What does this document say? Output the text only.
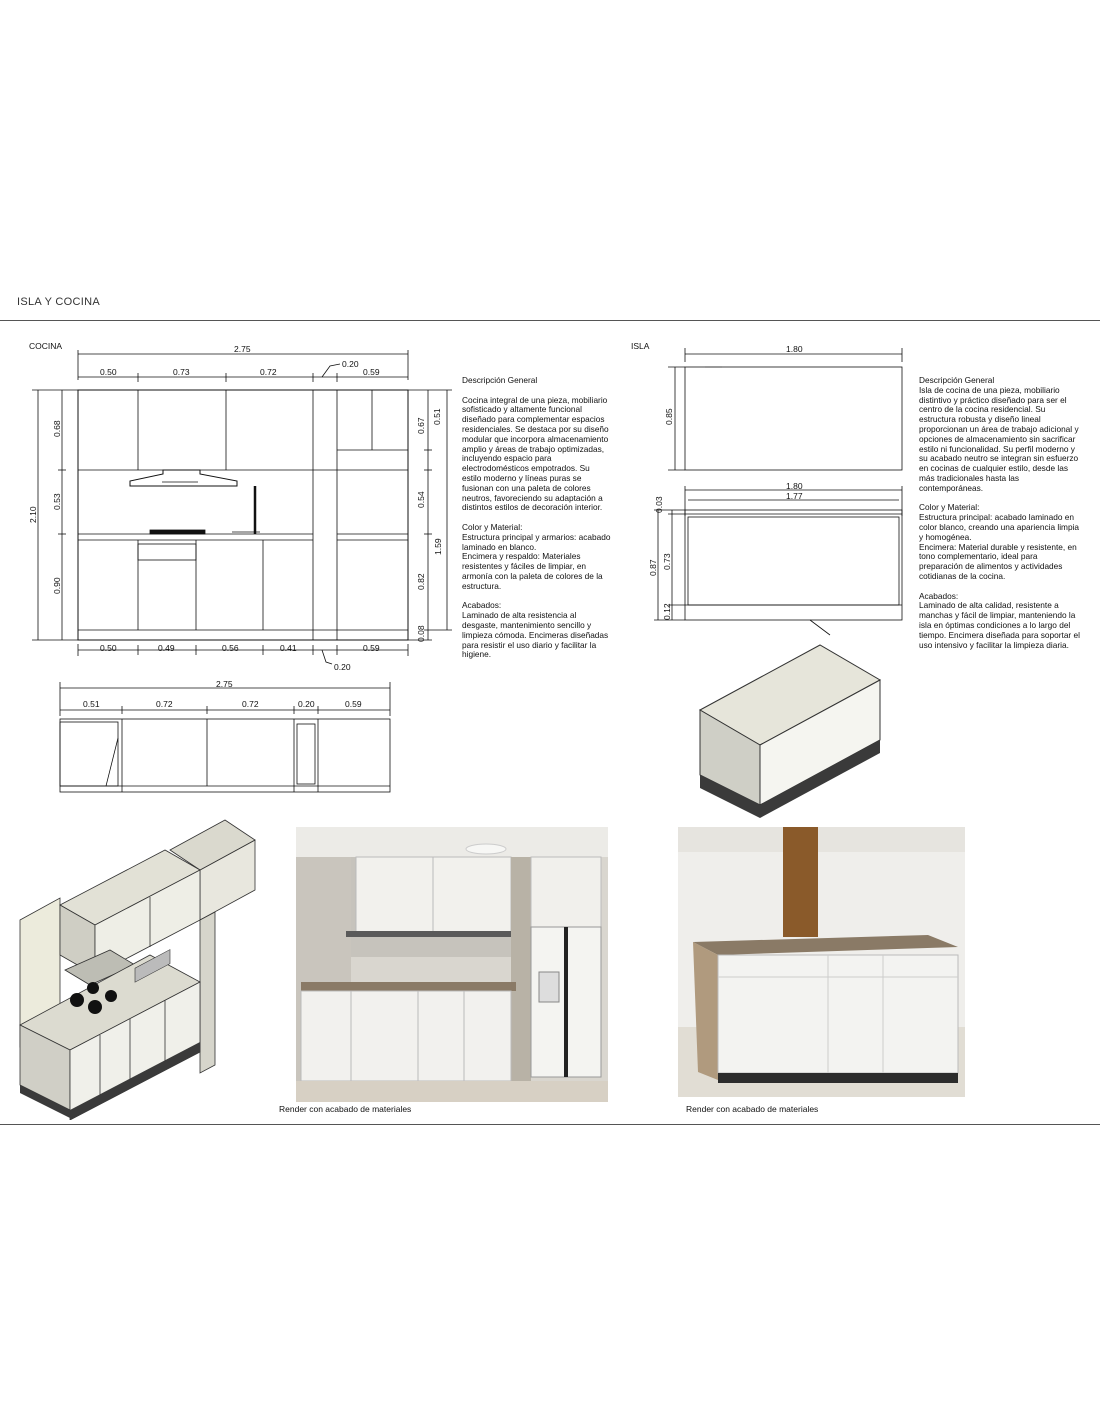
ISLA Y COCINA
COCINA	ISLA
Descripción General

Cocina integral de una pieza, mobiliario
sofisticado y altamente funcional
diseñado para complementar espacios
residenciales. Se destaca por su diseño
modular que incorpora almacenamiento
amplio y áreas de trabajo optimizadas,
incluyendo espacio para
electrodomésticos empotrados. Su
estilo moderno y líneas puras se
fusionan con una paleta de colores
neutros, favoreciendo su adaptación a
distintos estilos de decoración interior.

Color y Material:
Estructura principal y armarios: acabado
laminado en blanco.
Encimera y respaldo: Materiales
resistentes y fáciles de limpiar, en
armonía con la paleta de colores de la
estructura.

Acabados:
Laminado de alta resistencia al
desgaste, mantenimiento sencillo y
limpieza cómoda. Encimeras diseñadas
para resistir el uso diario y facilitar la
higiene.
Descripción General
Isla de cocina de una pieza, mobiliario
distintivo y práctico diseñado para ser el
centro de la cocina residencial. Su
estructura robusta y diseño lineal
proporcionan un área de trabajo adicional y
opciones de almacenamiento sin sacrificar
estilo ni funcionalidad. Su perfil moderno y
su acabado neutro se integran sin esfuerzo
en cocinas de cualquier estilo, desde las
más tradicionales hasta las
contemporáneas.

Color y Material:
Estructura principal: acabado laminado en
color blanco, creando una apariencia limpia
y homogénea.
Encimera: Material durable y resistente, en
tono complementario, ideal para
preparación de alimentos y actividades
cotidianas de la cocina.

Acabados:
Laminado de alta calidad, resistente a
manchas y fácil de limpiar, manteniendo la
isla en óptimas condiciones a lo largo del
tiempo. Encimera diseñada para soportar el
uso intensivo y facilitar la limpieza diaria.
2.75
0.20
0.50	0.73	0.72	0.59
2.10
0.68
0.53
0.90
0.51
0.67
0.54
0.82
0.08
1.59
0.50	0.49	0.56	0.41	0.59
0.20
2.75
0.51	0.72	0.72	0.20	0.59
1.80
0.85
1.80
1.77
0.87
0.03
0.73
0.12
Render con acabado de materiales	Render con acabado de materiales
